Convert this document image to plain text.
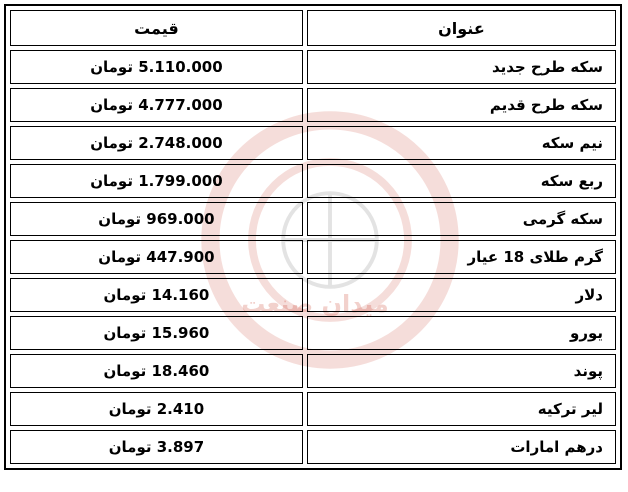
میدان صنعت
عنوان	قیمت
سکه طرح جدید	5.110.000 تومان
سکه طرح قدیم	4.777.000 تومان
نیم سکه	2.748.000 تومان
ربع سکه	1.799.000 تومان
سکه گرمی	969.000 تومان
گرم طلای 18 عیار	447.900 تومان
دلار	14.160 تومان
یورو	15.960 تومان
پوند	18.460 تومان
لیر ترکیه	2.410 تومان
درهم امارات	3.897 تومان
